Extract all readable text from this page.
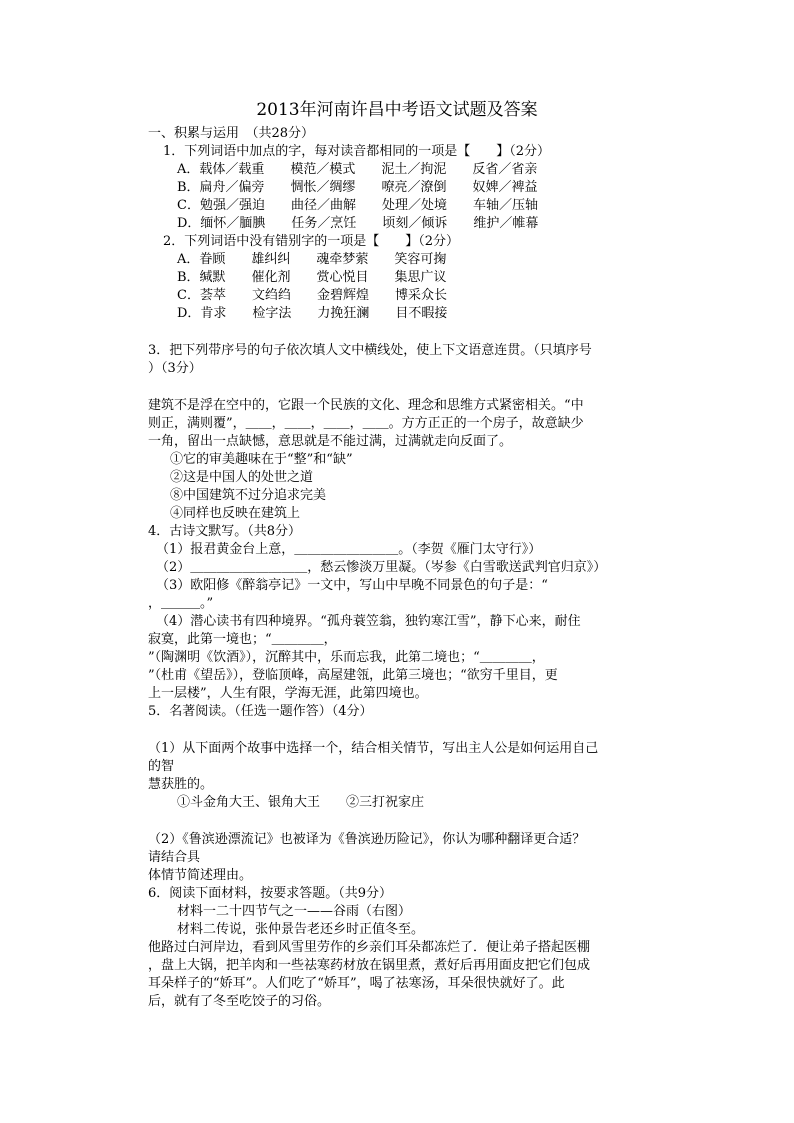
2013年河南许昌中考语文试题及答案
一、积累与运用　（共28分）
1．下列词语中加点的字，每对读音都相同的一项是【　　】（2分）
A．载体／载重　　模范／模式　　泥土／拘泥　　反省／省亲
B．扁舟／偏旁　　惆怅／绸缪　　嘹亮／潦倒　　奴婢／裨益
C．勉强／强迫　　曲径／曲解　　处理／处境　　车轴／压轴
D．缅怀／腼腆　　任务／烹饪　　顷刻／倾诉　　维护／帷幕
2．下列词语中没有错别字的一项是【　　】（2分）
A．眷顾　　雄纠纠　　魂牵梦萦　　笑容可掬
B．缄默　　催化剂　　赏心悦目　　集思广议
C．荟萃　　文绉绉　　金碧辉煌　　博采众长
D．肯求　　检字法　　力挽狂澜　　目不暇接
3．把下列带序号的句子依次填人文中横线处，使上下文语意连贯。（只填序号
）（3分）
建筑不是浮在空中的，它跟一个民族的文化、理念和思维方式紧密相关。“中
则正，满则覆”，＿＿，＿＿，＿＿，＿＿。方方正正的一个房子，故意缺少
一角，留出一点缺憾，意思就是不能过满，过满就走向反面了。
①它的审美趣味在于“整”和“缺”
②这是中国人的处世之道
⑧中国建筑不过分追求完美
④同样也反映在建筑上
4．古诗文默写。（共8分）
（1）报君黄金台上意，＿＿＿＿＿＿＿＿。（李贺《雁门太守行》）
（2）＿＿＿＿＿＿＿＿＿，愁云惨淡万里凝。（岑参《白雪歌送武判官归京》）
（3）欧阳修《醉翁亭记》一文中，写山中早晚不同景色的句子是：“
，＿＿＿。”
（4）潜心读书有四种境界。“孤舟蓑笠翁，独钓寒江雪”，静下心来，耐住
寂寞，此第一境也；“＿＿＿＿，
”（陶渊明《饮酒》），沉醉其中，乐而忘我，此第二境也；“＿＿＿＿，
”（杜甫《望岳》），登临顶峰，高屋建瓴，此第三境也；“欲穷千里目，更
上一层楼”，人生有限，学海无涯，此第四境也。
5．名著阅读。（任选一题作答）（4分）
（1）从下面两个故事中选择一个，结合相关情节，写出主人公是如何运用自己
的智
慧获胜的。
①斗金角大王、银角大王　　②三打祝家庄
（2）《鲁滨逊漂流记》也被译为《鲁滨逊历险记》，你认为哪种翻译更合适？
请结合具
体情节简述理由。
6．阅读下面材料，按要求答题。（共9分）
材料一二十四节气之一——谷雨（右图）
材料二传说，张仲景告老还乡时正值冬至。
他路过白河岸边，看到风雪里劳作的乡亲们耳朵都冻烂了．便让弟子搭起医棚
，盘上大锅，把羊肉和一些祛寒药材放在锅里煮，煮好后再用面皮把它们包成
耳朵样子的“娇耳”。人们吃了“娇耳”，喝了祛寒汤，耳朵很快就好了。此
后，就有了冬至吃饺子的习俗。
